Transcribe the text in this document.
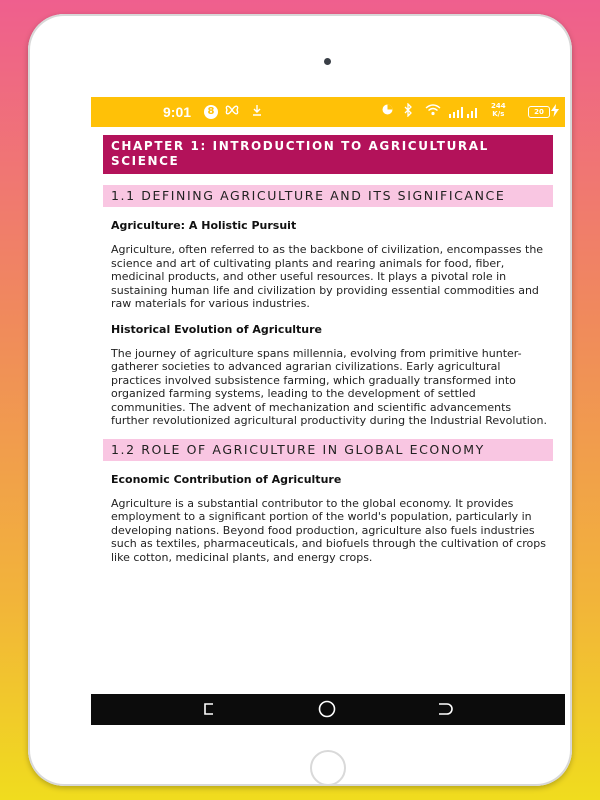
9:01	8	244
K/s	20
CHAPTER 1: INTRODUCTION TO AGRICULTURAL SCIENCE
1.1 DEFINING AGRICULTURE AND ITS SIGNIFICANCE
Agriculture: A Holistic Pursuit
Agriculture, often referred to as the backbone of civilization, encompasses the science and art of cultivating plants and rearing animals for food, fiber, medicinal products, and other useful resources. It plays a pivotal role in sustaining human life and civilization by providing essential commodities and raw materials for various industries.
Historical Evolution of Agriculture
The journey of agriculture spans millennia, evolving from primitive hunter-gatherer societies to advanced agrarian civilizations. Early agricultural practices involved subsistence farming, which gradually transformed into organized farming systems, leading to the development of settled communities. The advent of mechanization and scientific advancements further revolutionized agricultural productivity during the Industrial Revolution.
1.2 ROLE OF AGRICULTURE IN GLOBAL ECONOMY
Economic Contribution of Agriculture
Agriculture is a substantial contributor to the global economy. It provides employment to a significant portion of the world's population, particularly in developing nations. Beyond food production, agriculture also fuels industries such as textiles, pharmaceuticals, and biofuels through the cultivation of crops like cotton, medicinal plants, and energy crops.
